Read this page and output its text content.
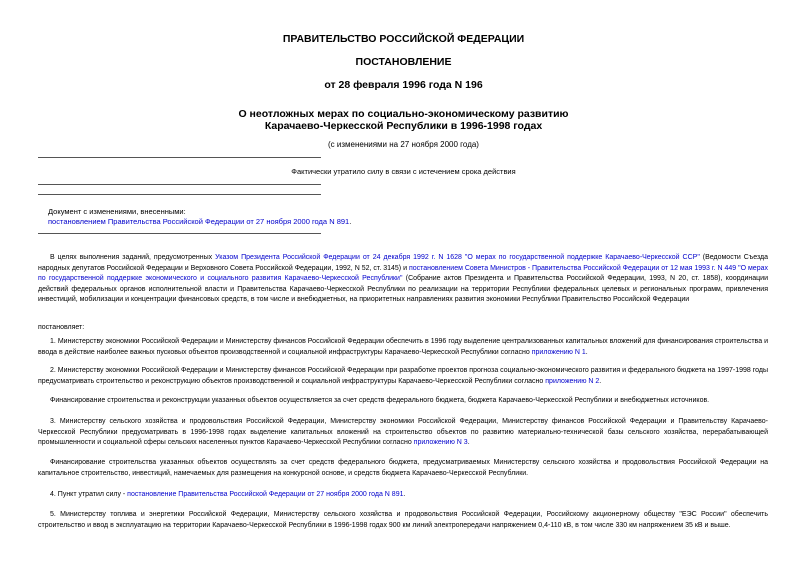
ПРАВИТЕЛЬСТВО РОССИЙСКОЙ ФЕДЕРАЦИИ
ПОСТАНОВЛЕНИЕ
от 28 февраля 1996 года N 196
О неотложных мерах по социально-экономическому развитию
Карачаево-Черкесской Республики в 1996-1998 годах
(с изменениями на 27 ноября 2000 года)
Фактически утратило силу в связи с истечением срока действия
Документ с изменениями, внесенными:
постановлением Правительства Российской Федерации от 27 ноября 2000 года N 891.
В целях выполнения заданий, предусмотренных Указом Президента Российской Федерации от 24 декабря 1992 г. N 1628 "О мерах по государственной поддержке Карачаево-Черкесской ССР" (Ведомости Съезда народных депутатов Российской Федерации и Верховного Совета Российской Федерации, 1992, N 52, ст. 3145) и постановлением Совета Министров - Правительства Российской Федерации от 12 мая 1993 г. N 449 "О мерах по государственной поддержке экономического и социального развития Карачаево-Черкесской Республики" (Собрание актов Президента и Правительства Российской Федерации, 1993, N 20, ст. 1858), координации действий федеральных органов исполнительной власти и Правительства Карачаево-Черкесской Республики по реализации на территории Республики федеральных целевых и региональных программ, привлечения инвестиций, мобилизации и концентрации финансовых средств, в том числе и внебюджетных, на приоритетных направлениях развития экономики Республики Правительство Российской Федерации
постановляет:
1. Министерству экономики Российской Федерации и Министерству финансов Российской Федерации обеспечить в 1996 году выделение централизованных капитальных вложений для финансирования строительства и ввода в действие наиболее важных пусковых объектов производственной и социальной инфраструктуры Карачаево-Черкесской Республики согласно приложению N 1.
2. Министерству экономики Российской Федерации и Министерству финансов Российской Федерации при разработке проектов прогноза социально-экономического развития и федерального бюджета на 1997-1998 годы предусматривать строительство и реконструкцию объектов производственной и социальной инфраструктуры Карачаево-Черкесской Республики согласно приложению N 2.
Финансирование строительства и реконструкции указанных объектов осуществляется за счет средств федерального бюджета, бюджета Карачаево-Черкесской Республики и внебюджетных источников.
3. Министерству сельского хозяйства и продовольствия Российской Федерации, Министерству экономики Российской Федерации, Министерству финансов Российской Федерации и Правительству Карачаево-Черкесской Республики предусматривать в 1996-1998 годах выделение капитальных вложений на строительство объектов по развитию материально-технической базы сельского хозяйства, перерабатывающей промышленности и социальной сферы сельских населенных пунктов Карачаево-Черкесской Республики согласно приложению N 3.
Финансирование строительства указанных объектов осуществлять за счет средств федерального бюджета, предусматриваемых Министерству сельского хозяйства и продовольствия Российской Федерации на капитальное строительство, инвестиций, намечаемых для размещения на конкурсной основе, и средств бюджета Карачаево-Черкесской Республики.
4. Пункт утратил силу - постановление Правительства Российской Федерации от 27 ноября 2000 года N 891.
5. Министерству топлива и энергетики Российской Федерации, Министерству сельского хозяйства и продовольствия Российской Федерации, Российскому акционерному обществу "ЕЭС России" обеспечить строительство и ввод в эксплуатацию на территории Карачаево-Черкесской Республики в 1996-1998 годах 900 км линий электропередачи напряжением 0,4-110 кВ, в том числе 330 км напряжением 35 кВ и выше.
